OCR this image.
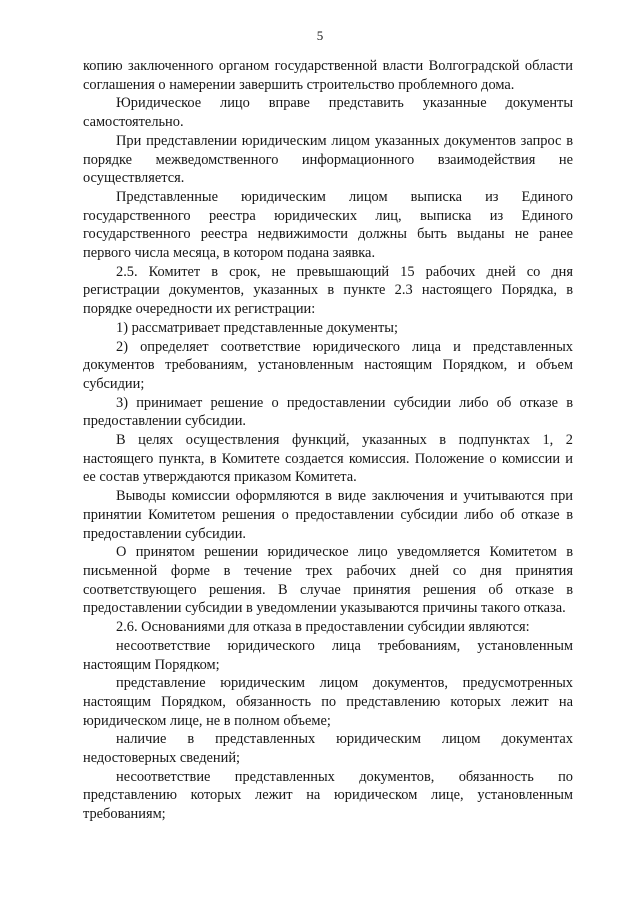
5

копию заключенного органом государственной власти Волгоградской области соглашения о намерении завершить строительство проблемного дома.

Юридическое лицо вправе представить указанные документы самостоятельно.

При представлении юридическим лицом указанных документов запрос в порядке межведомственного информационного взаимодействия не осуществляется.

Представленные юридическим лицом выписка из Единого государственного реестра юридических лиц, выписка из Единого государственного реестра недвижимости должны быть выданы не ранее первого числа месяца, в котором подана заявка.

2.5. Комитет в срок, не превышающий 15 рабочих дней со дня регистрации документов, указанных в пункте 2.3 настоящего Порядка, в порядке очередности их регистрации:

1) рассматривает представленные документы;

2) определяет соответствие юридического лица и представленных документов требованиям, установленным настоящим Порядком, и объем субсидии;

3) принимает решение о предоставлении субсидии либо об отказе в предоставлении субсидии.

В целях осуществления функций, указанных в подпунктах 1, 2 настоящего пункта, в Комитете создается комиссия. Положение о комиссии и ее состав утверждаются приказом Комитета.

Выводы комиссии оформляются в виде заключения и учитываются при принятии Комитетом решения о предоставлении субсидии либо об отказе в предоставлении субсидии.

О принятом решении юридическое лицо уведомляется Комитетом в письменной форме в течение трех рабочих дней со дня принятия соответствующего решения. В случае принятия решения об отказе в предоставлении субсидии в уведомлении указываются причины такого отказа.

2.6. Основаниями для отказа в предоставлении субсидии являются:

несоответствие юридического лица требованиям, установленным настоящим Порядком;

представление юридическим лицом документов, предусмотренных настоящим Порядком, обязанность по представлению которых лежит на юридическом лице, не в полном объеме;

наличие в представленных юридическим лицом документах недостоверных сведений;

несоответствие представленных документов, обязанность по представлению которых лежит на юридическом лице, установленным требованиям;
